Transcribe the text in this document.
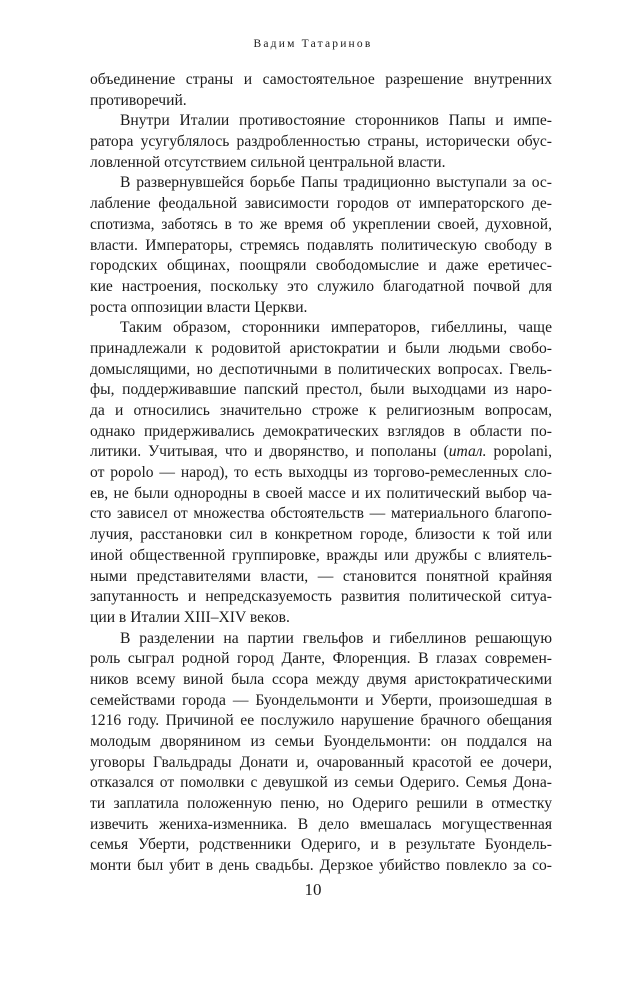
Вадим Татаринов
объединение страны и самостоятельное разрешение внутренних
противоречий.
Внутри Италии противостояние сторонников Папы и импе-
ратора усугублялось раздробленностью страны, исторически обус-
ловленной отсутствием сильной центральной власти.
В развернувшейся борьбе Папы традиционно выступали за ос-
лабление феодальной зависимости городов от императорского де-
спотизма, заботясь в то же время об укреплении своей, духовной,
власти. Императоры, стремясь подавлять политическую свободу в
городских общинах, поощряли свободомыслие и даже еретичес-
кие настроения, поскольку это служило благодатной почвой для
роста оппозиции власти Церкви.
Таким образом, сторонники императоров, гибеллины, чаще
принадлежали к родовитой аристократии и были людьми свобо-
домыслящими, но деспотичными в политических вопросах. Гвель-
фы, поддерживавшие папский престол, были выходцами из наро-
да и относились значительно строже к религиозным вопросам,
однако придерживались демократических взглядов в области по-
литики. Учитывая, что и дворянство, и пополаны (итал. popolani,
от popolo — народ), то есть выходцы из торгово-ремесленных сло-
ев, не были однородны в своей массе и их политический выбор ча-
сто зависел от множества обстоятельств — материального благопо-
лучия, расстановки сил в конкретном городе, близости к той или
иной общественной группировке, вражды или дружбы с влиятель-
ными представителями власти, — становится понятной крайняя
запутанность и непредсказуемость развития политической ситуа-
ции в Италии XIII–XIV веков.
В разделении на партии гвельфов и гибеллинов решающую
роль сыграл родной город Данте, Флоренция. В глазах современ-
ников всему виной была ссора между двумя аристократическими
семействами города — Буондельмонти и Уберти, произошедшая в
1216 году. Причиной ее послужило нарушение брачного обещания
молодым дворянином из семьи Буондельмонти: он поддался на
уговоры Гвальдрады Донати и, очарованный красотой ее дочери,
отказался от помолвки с девушкой из семьи Одериго. Семья Дона-
ти заплатила положенную пеню, но Одериго решили в отместку
извечить жениха-изменника. В дело вмешалась могущественная
семья Уберти, родственники Одериго, и в результате Буондель-
монти был убит в день свадьбы. Дерзкое убийство повлекло за со-
10
